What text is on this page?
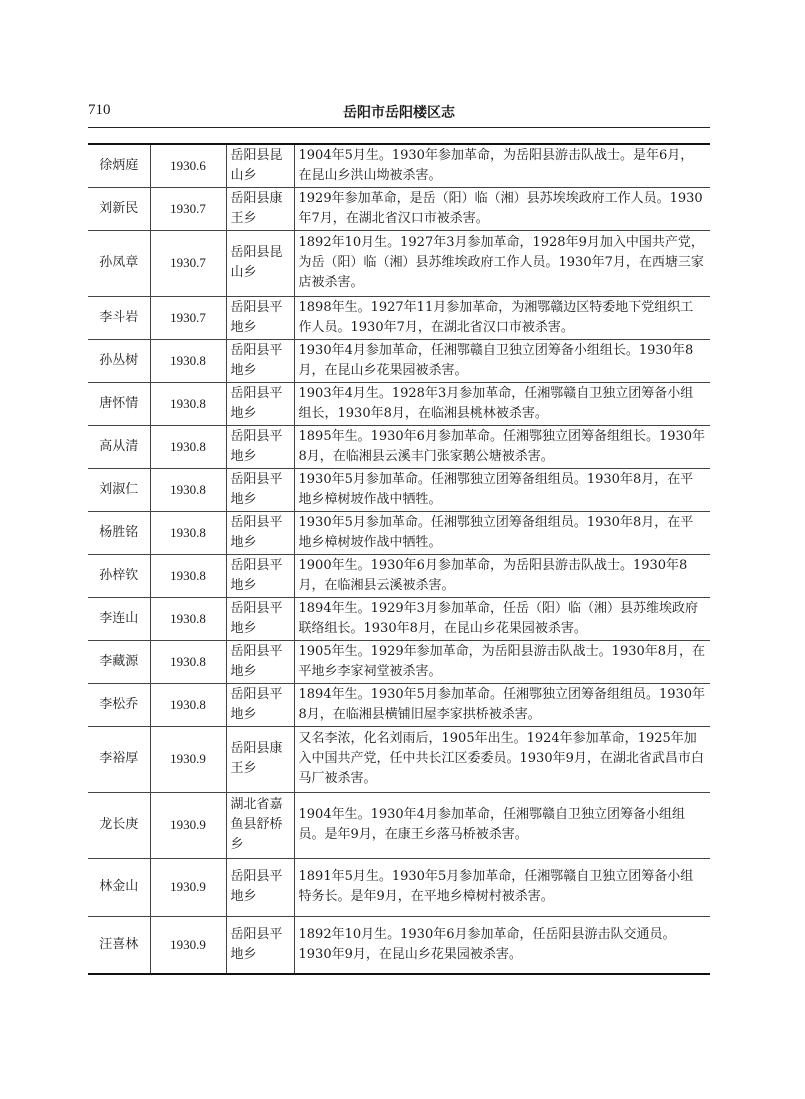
710	岳阳市岳阳楼区志
徐炳庭	1930.6	岳阳县昆山乡	1904年5月生。1930年参加革命，为岳阳县游击队战士。是年6月，在昆山乡洪山坳被杀害。
刘新民	1930.7	岳阳县康王乡	1929年参加革命，是岳（阳）临（湘）县苏埃埃政府工作人员。1930年7月，在湖北省汉口市被杀害。
孙凤章	1930.7	岳阳县昆山乡	1892年10月生。1927年3月参加革命，1928年9月加入中国共产党，为岳（阳）临（湘）县苏维埃政府工作人员。1930年7月，在西塘三家店被杀害。
李斗岩	1930.7	岳阳县平地乡	1898年生。1927年11月参加革命，为湘鄂赣边区特委地下党组织工作人员。1930年7月，在湖北省汉口市被杀害。
孙丛树	1930.8	岳阳县平地乡	1930年4月参加革命，任湘鄂赣自卫独立团筹备小组组长。1930年8月，在昆山乡花果园被杀害。
唐怀情	1930.8	岳阳县平地乡	1903年4月生。1928年3月参加革命，任湘鄂赣自卫独立团筹备小组组长，1930年8月，在临湘县桃林被杀害。
高从清	1930.8	岳阳县平地乡	1895年生。1930年6月参加革命。任湘鄂独立团筹备组组长。1930年8月，在临湘县云溪丰门张家鹅公塘被杀害。
刘淑仁	1930.8	岳阳县平地乡	1930年5月参加革命。任湘鄂独立团筹备组组员。1930年8月，在平地乡樟树坡作战中牺牲。
杨胜铭	1930.8	岳阳县平地乡	1930年5月参加革命。任湘鄂独立团筹备组组员。1930年8月，在平地乡樟树坡作战中牺牲。
孙梓钦	1930.8	岳阳县平地乡	1900年生。1930年6月参加革命，为岳阳县游击队战士。1930年8月，在临湘县云溪被杀害。
李连山	1930.8	岳阳县平地乡	1894年生。1929年3月参加革命，任岳（阳）临（湘）县苏维埃政府联络组长。1930年8月，在昆山乡花果园被杀害。
李藏源	1930.8	岳阳县平地乡	1905年生。1929年参加革命，为岳阳县游击队战士。1930年8月，在平地乡李家祠堂被杀害。
李松乔	1930.8	岳阳县平地乡	1894年生。1930年5月参加革命。任湘鄂独立团筹备组组员。1930年8月，在临湘县横铺旧屋李家拱桥被杀害。
李裕厚	1930.9	岳阳县康王乡	又名李浓，化名刘雨后，1905年出生。1924年参加革命，1925年加入中国共产党，任中共长江区委委员。1930年9月，在湖北省武昌市白马厂被杀害。
龙长庚	1930.9	湖北省嘉鱼县舒桥乡	1904年生。1930年4月参加革命，任湘鄂赣自卫独立团筹备小组组员。是年9月，在康王乡落马桥被杀害。
林金山	1930.9	岳阳县平地乡	1891年5月生。1930年5月参加革命，任湘鄂赣自卫独立团筹备小组特务长。是年9月，在平地乡樟树村被杀害。
汪喜林	1930.9	岳阳县平地乡	1892年10月生。1930年6月参加革命，任岳阳县游击队交通员。1930年9月，在昆山乡花果园被杀害。
